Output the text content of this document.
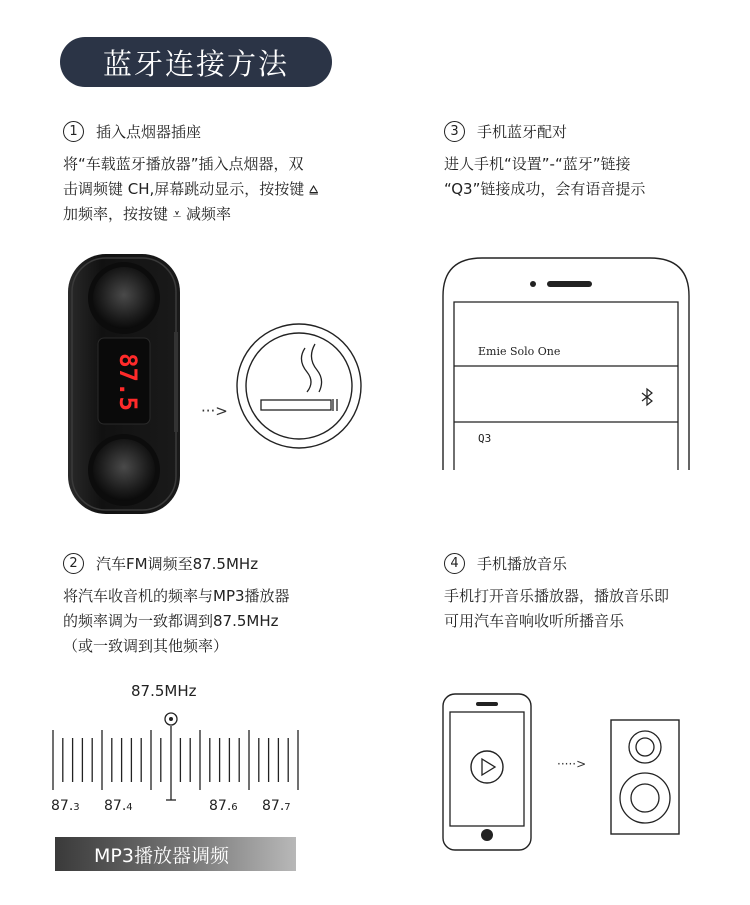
蓝牙连接方法
1	插入点烟器插座
将“车载蓝牙播放器”插入点烟器，双
击调频键 CH,屏幕跳动显示，按按键 ⩠
加频率，按按键 ⩡ 减频率
3	手机蓝牙配对
进人手机“设置”-“蓝牙”链接
“Q3”链接成功，会有语音提示
87.5
···>
Emie Solo One
Q3
2	汽车FM调频至87.5MHz
将汽车收音机的频率与MP3播放器
的频率调为一致都调到87.5MHz
（或一致调到其他频率）
4	手机播放音乐
手机打开音乐播放器，播放音乐即
可用汽车音响收听所播音乐
87.5MHz
87.3 87.4	87.6 87.7
MP3播放器调频
·····>
